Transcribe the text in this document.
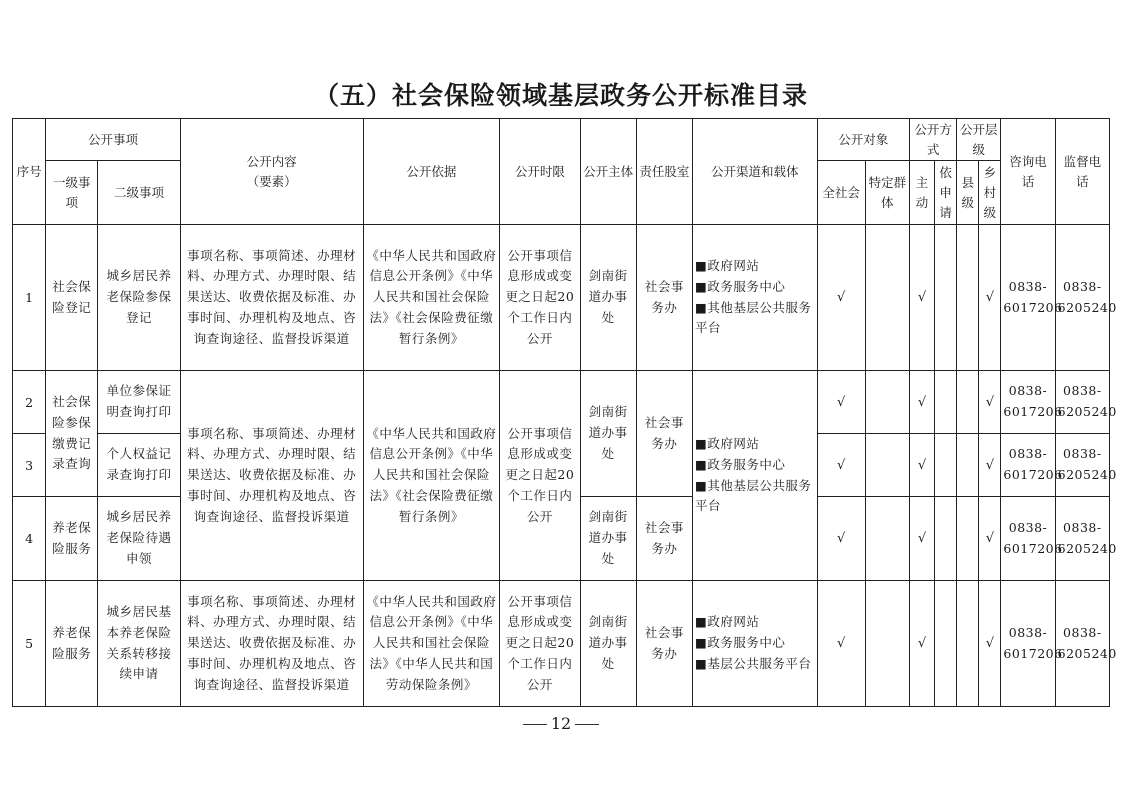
（五）社会保险领域基层政务公开标准目录
序号	公开事项		公开内容
（要素）	公开依据	公开时限	公开主体	责任股室	公开渠道和载体	公开对象		公开方式		公开层级		咨询电话	监督电话
	一级事项	二级事项							全社会	特定群体	主动	依申请	县级	乡村级		
1	社会保险登记	城乡居民养老保险参保登记	事项名称、事项简述、办理材料、办理方式、办理时限、结果送达、收费依据及标准、办事时间、办理机构及地点、咨询查询途径、监督投诉渠道	《中华人民共和国政府信息公开条例》《中华人民共和国社会保险法》《社会保险费征缴暂行条例》	公开事项信息形成或变更之日起20个工作日内公开	剑南街道办事处	社会事务办	■政府网站
■政务服务中心
■其他基层公共服务平台	√		√			√	0838-6017206	0838-6205240
2	社会保险参保缴费记录查询	单位参保证明查询打印	事项名称、事项简述、办理材料、办理方式、办理时限、结果送达、收费依据及标准、办事时间、办理机构及地点、咨询查询途径、监督投诉渠道	《中华人民共和国政府信息公开条例》《中华人民共和国社会保险法》《社会保险费征缴暂行条例》	公开事项信息形成或变更之日起20个工作日内公开	剑南街道办事处	社会事务办	■政府网站
■政务服务中心
■其他基层公共服务平台	√		√			√	0838-6017206	0838-6205240
3		个人权益记录查询打印							√		√			√	0838-6017206	0838-6205240
4	养老保险服务	城乡居民养老保险待遇申领				剑南街道办事处	社会事务办		√		√			√	0838-6017206	0838-6205240
5	养老保险服务	城乡居民基本养老保险关系转移接续申请	事项名称、事项简述、办理材料、办理方式、办理时限、结果送达、收费依据及标准、办事时间、办理机构及地点、咨询查询途径、监督投诉渠道	《中华人民共和国政府信息公开条例》《中华人民共和国社会保险法》《中华人民共和国劳动保险条例》	公开事项信息形成或变更之日起20个工作日内公开	剑南街道办事处	社会事务办	■政府网站
■政务服务中心
■基层公共服务平台	√		√			√	0838-6017206	0838-6205240
12
